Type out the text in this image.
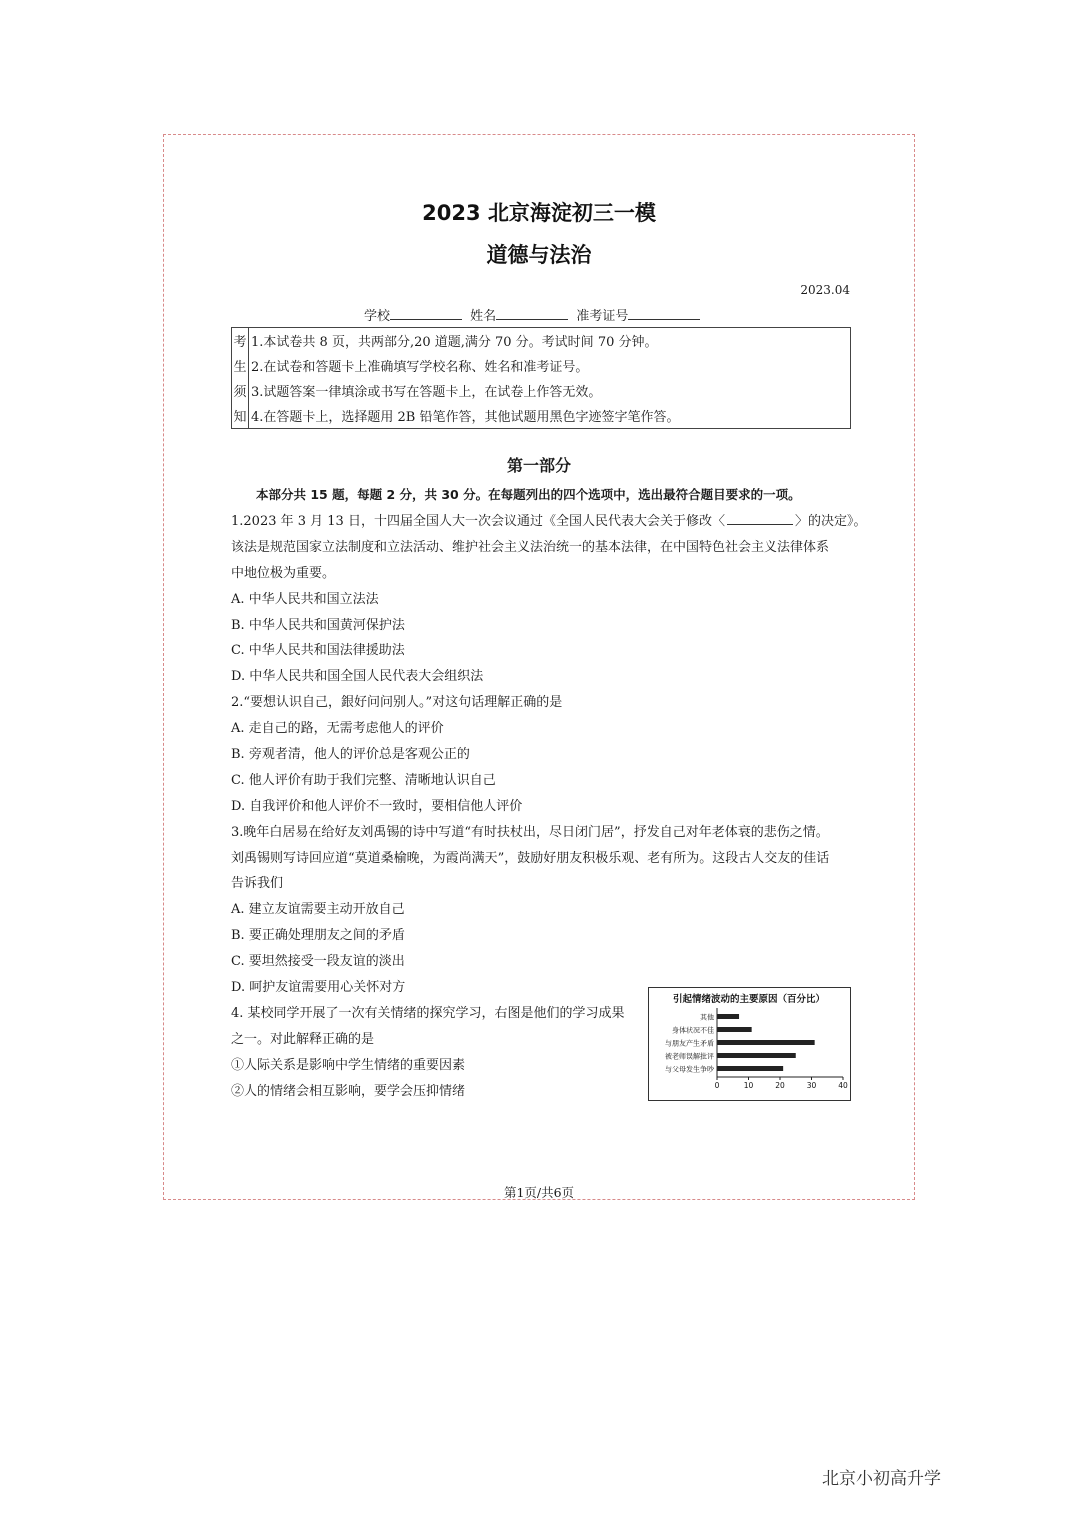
2023 北京海淀初三一模
道德与法治
2023.04
学校	姓名	准考证号
考	1.本试卷共 8 页，共两部分,20 道题,满分 70 分。考试时间 70 分钟。
生	2.在试卷和答题卡上准确填写学校名称、姓名和准考证号。
须	3.试题答案一律填涂或书写在答题卡上，在试卷上作答无效。
知	4.在答题卡上，选择题用 2B 铅笔作答，其他试题用黑色字迹签字笔作答。
第一部分
本部分共 15 题，每题 2 分，共 30 分。在每题列出的四个选项中，选出最符合题目要求的一项。
1.2023 年 3 月 13 日，十四届全国人大一次会议通过《全国人民代表大会关于修改〈	〉的决定》。
该法是规范国家立法制度和立法活动、维护社会主义法治统一的基本法律，在中国特色社会主义法律体系
中地位极为重要。
A. 中华人民共和国立法法
B. 中华人民共和国黄河保护法
C. 中华人民共和国法律援助法
D. 中华人民共和国全国人民代表大会组织法
2.“要想认识自己，銀好问问别人。”对这句话理解正确的是
A. 走自己的路，无需考虑他人的评价
B. 旁观者清，他人的评价总是客观公正的
C. 他人评价有助于我们完整、清晰地认识自己
D. 自我评价和他人评价不一致时，要相信他人评价
3.晚年白居易在给好友刘禹锡的诗中写道“有时扶杖出，尽日闭门居”，抒发自己对年老体衰的悲伤之情。
刘禹锡则写诗回应道“莫道桑榆晚，为霞尚满天”，鼓励好朋友积极乐观、老有所为。这段古人交友的佳话
告诉我们
A. 建立友谊需要主动开放自己
B. 要正确处理朋友之间的矛盾
C. 要坦然接受一段友谊的淡出
D. 呵护友谊需要用心关怀对方
4. 某校同学开展了一次有关情绪的探究学习，右图是他们的学习成果
之一。对此解释正确的是
①人际关系是影响中学生情绪的重要因素
②人的情绪会相互影响，要学会压抑情绪
引起情绪波动的主要原因（百分比）
其他
身体状况不佳
与朋友产生矛盾
被老师误解批评
与父母发生争吵
0	10	20	30	40
第1页/共6页
北京小初高升学
